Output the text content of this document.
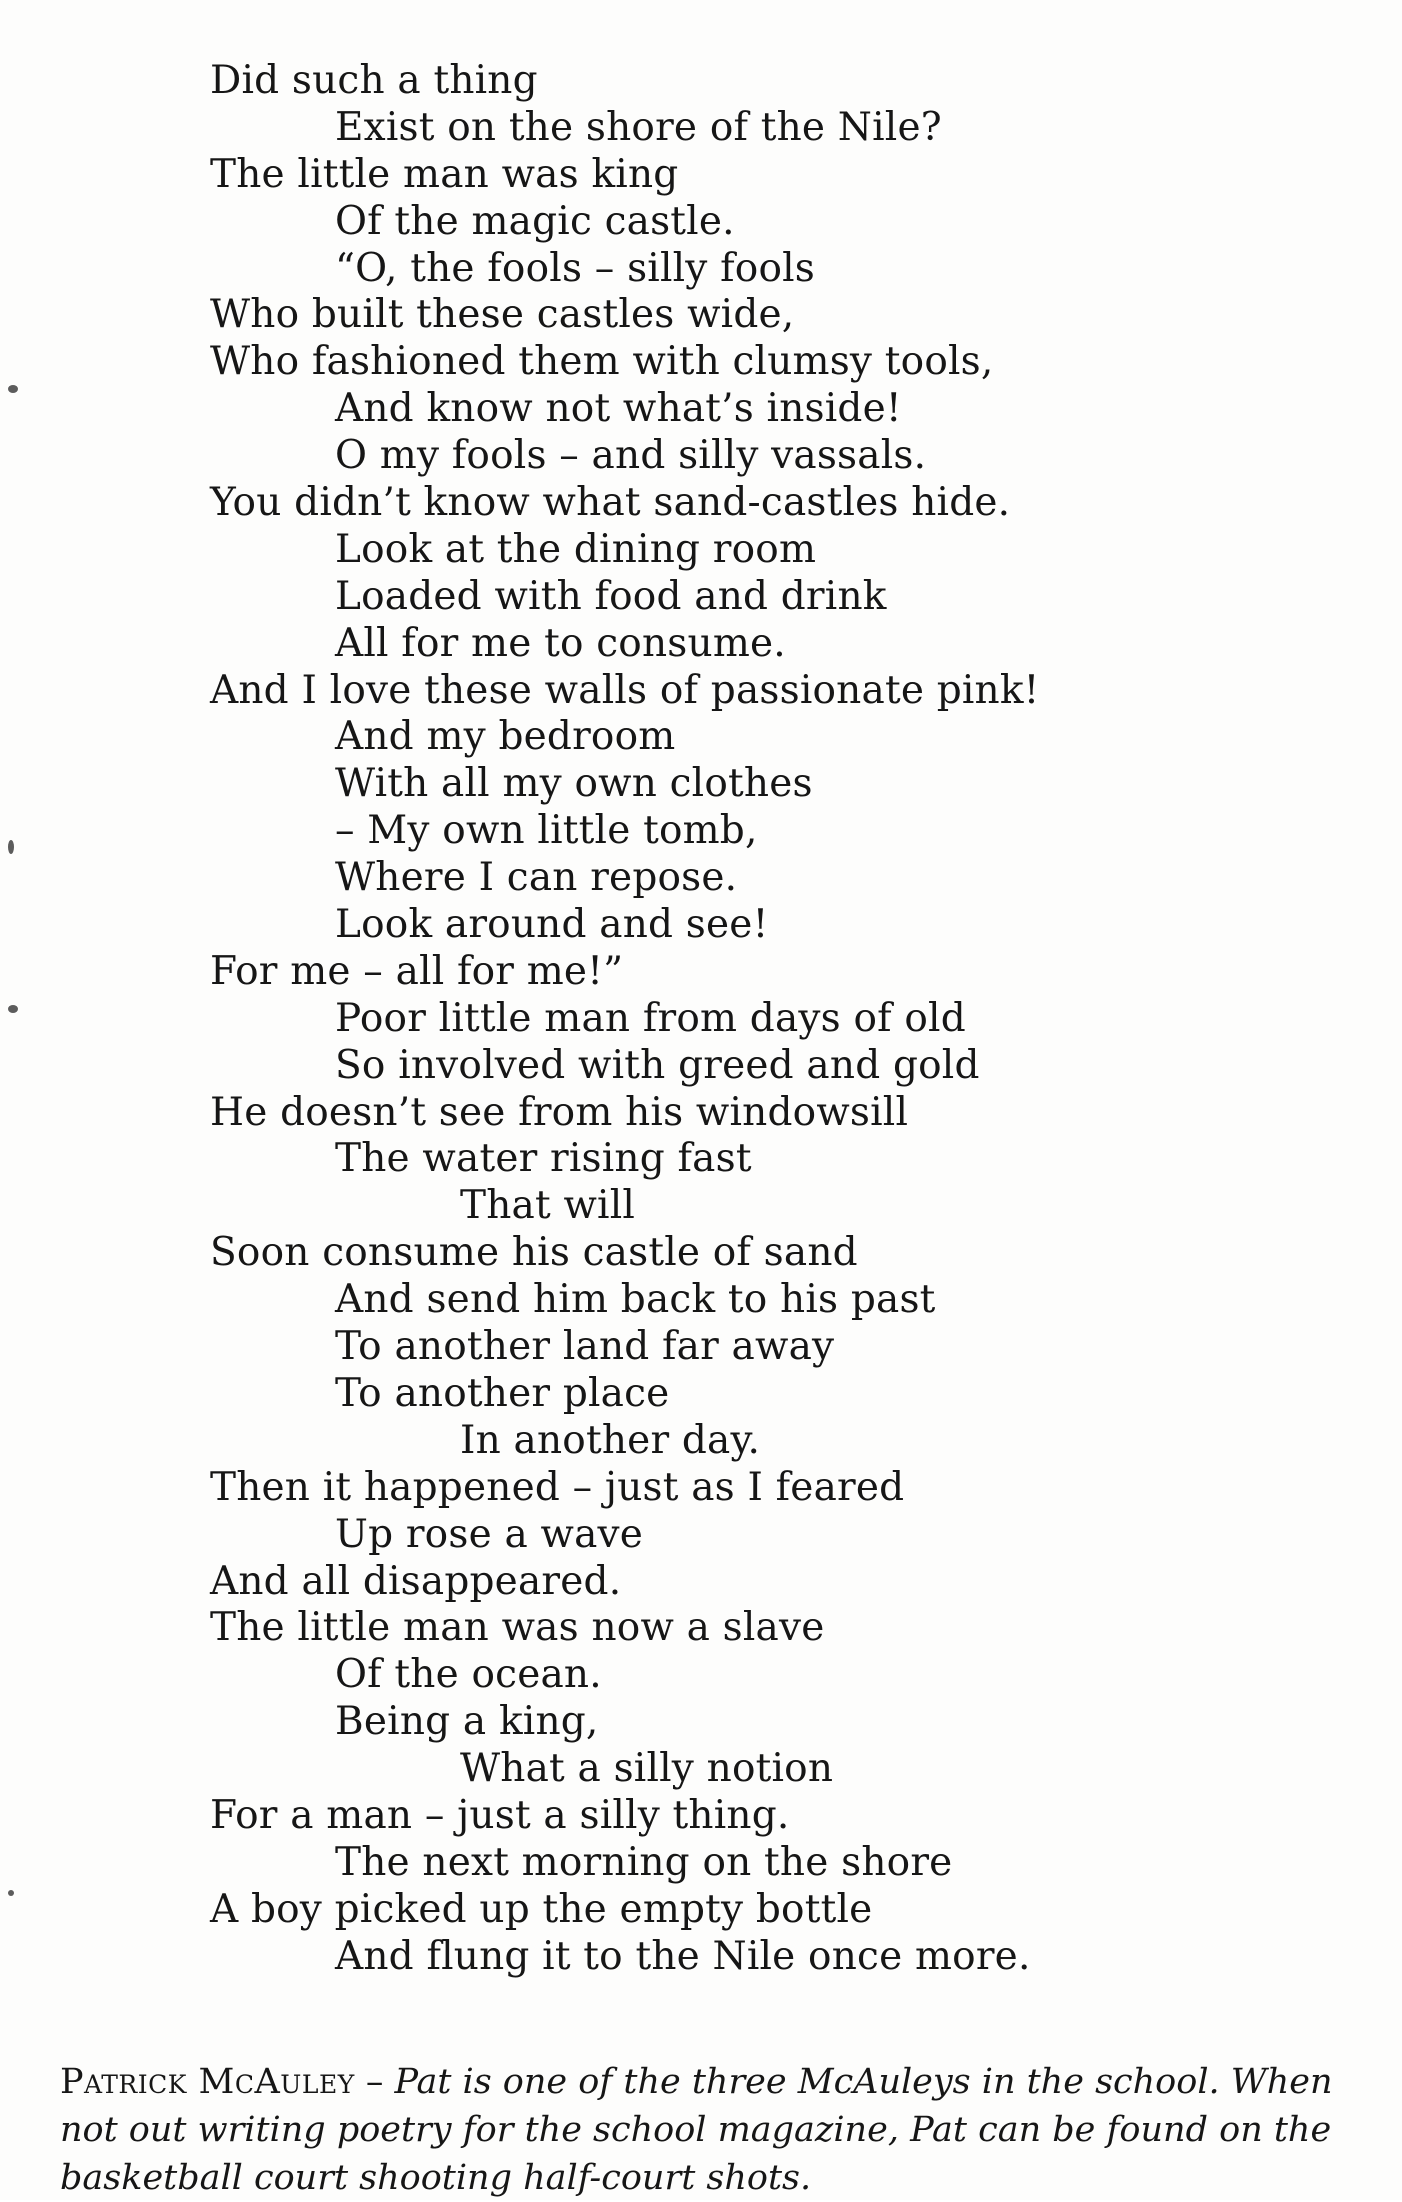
Did such a thing
Exist on the shore of the Nile?
The little man was king
Of the magic castle.
“O, the fools – silly fools
Who built these castles wide,
Who fashioned them with clumsy tools,
And know not what’s inside!
O my fools – and silly vassals.
You didn’t know what sand-castles hide.
Look at the dining room
Loaded with food and drink
All for me to consume.
And I love these walls of passionate pink!
And my bedroom
With all my own clothes
– My own little tomb,
Where I can repose.
Look around and see!
For me – all for me!”
Poor little man from days of old
So involved with greed and gold
He doesn’t see from his windowsill
The water rising fast
That will
Soon consume his castle of sand
And send him back to his past
To another land far away
To another place
In another day.
Then it happened – just as I feared
Up rose a wave
And all disappeared.
The little man was now a slave
Of the ocean.
Being a king,
What a silly notion
For a man – just a silly thing.
The next morning on the shore
A boy picked up the empty bottle
And flung it to the Nile once more.
Patrick McAuley – Pat is one of the three McAuleys in the school. When not out writing poetry for the school magazine, Pat can be found on the basketball court shooting half-court shots.
